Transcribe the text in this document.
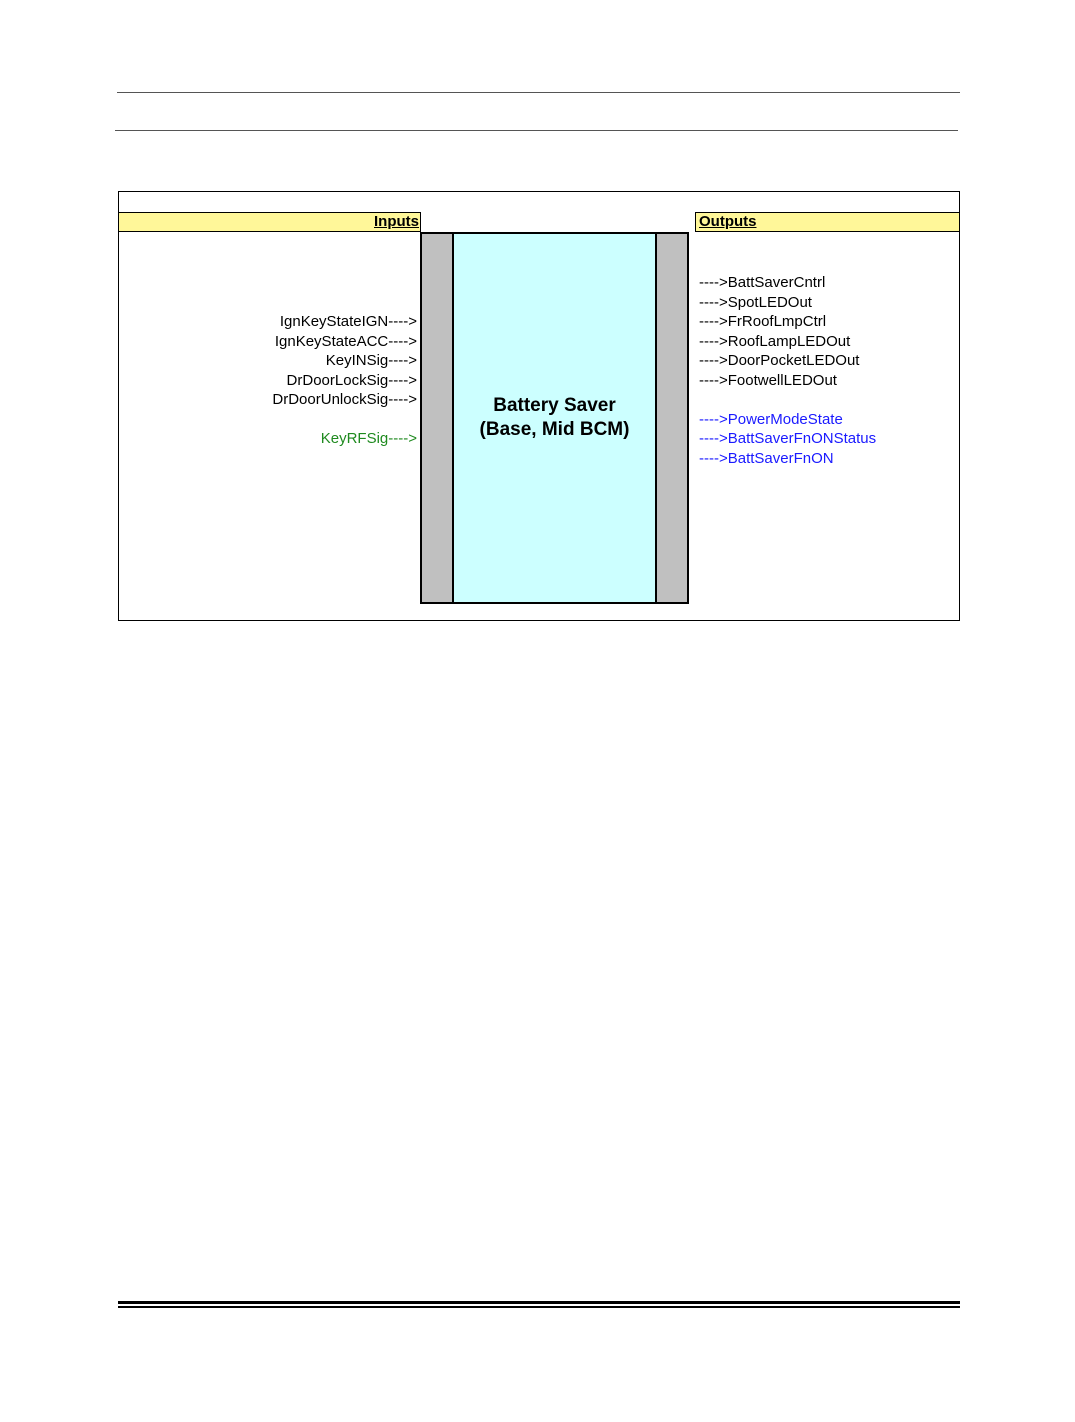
Inputs	Outputs
Battery Saver
(Base, Mid BCM)
IgnKeyStateIGN---->
IgnKeyStateACC---->
KeyINSig---->
DrDoorLockSig---->
DrDoorUnlockSig---->
KeyRFSig---->
---->BattSaverCntrl
---->SpotLEDOut
---->FrRoofLmpCtrl
---->RoofLampLEDOut
---->DoorPocketLEDOut
---->FootwellLEDOut
---->PowerModeState
---->BattSaverFnONStatus
---->BattSaverFnON
